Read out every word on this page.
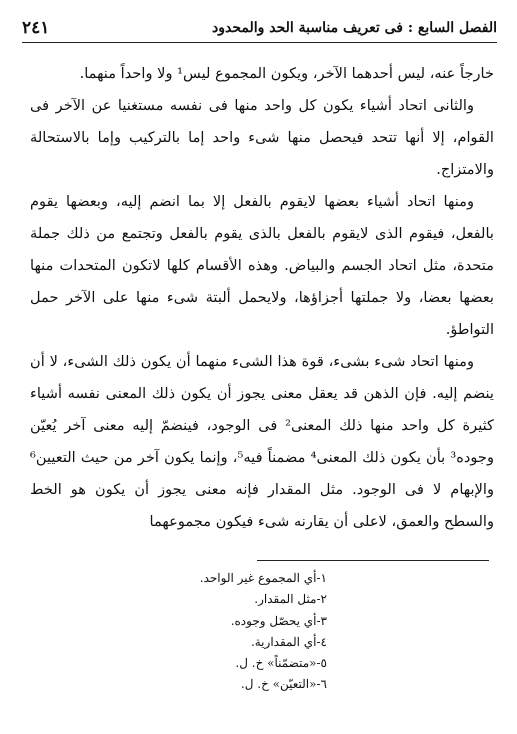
الفصل السابع : فى تعريف مناسبة الحد والمحدود
٢٤١

خارجاً عنه، ليس أحدهما الآخر، ويكون المجموع ليس¹ ولا واحداً منهما.

والثانى اتحاد أشياء يكون كل واحد منها فى نفسه مستغنيا عن الآخر فى القوام، إلا أنها تتحد فيحصل منها شىء واحد إما بالتركيب وإما بالاستحالة والامتزاج.

ومنها اتحاد أشياء بعضها لايقوم بالفعل إلا بما انضم إليه، وبعضها يقوم بالفعل، فيقوم الذى لايقوم بالفعل بالذى يقوم بالفعل وتجتمع من ذلك جملة متحدة، مثل اتحاد الجسم والبياض. وهذه الأقسام كلها لاتكون المتحدات منها بعضها بعضا، ولا جملتها أجزاؤها، ولايحمل ألبتة شىء منها على الآخر حمل التواطؤ.

ومنها اتحاد شىء بشىء، قوة هذا الشىء منهما أن يكون ذلك الشىء، لا أن ينضم إليه. فإن الذهن قد يعقل معنى يجوز أن يكون ذلك المعنى نفسه أشياء كثيرة كل واحد منها ذلك المعنى² فى الوجود، فينضمّ إليه معنى آخر يُعيّن وجوده³ بأن يكون ذلك المعنى⁴ مضمناً فيه⁵، وإنما يكون آخر من حيث التعيين⁶ والإبهام لا فى الوجود. مثل المقدار فإنه معنى يجوز أن يكون هو الخط والسطح والعمق، لاعلى أن يقارنه شىء فيكون مجموعهما

١-أي المجموع غير الواحد.
٢-مثل المقدار.
٣-أي يحصّل وجوده.
٤-أي المقدارية.
٥-«متضمّناً» خ. ل.
٦-«التعيّن» خ. ل.
